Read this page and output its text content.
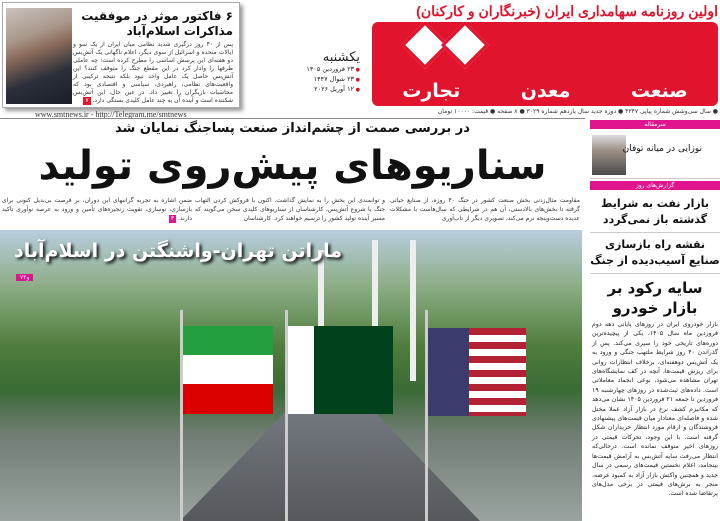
۶ فاکتور موثر در موفقیت مذاکرات اسلام‌آباد
پس از ۴۰ روز درگیری شدید نظامی میان ایران از یک سو و ایالات متحده و اسرائیل از سوی دیگر، اعلام ناگهانی یک آتش‌بس دو هفته‌ای این پرسش اساسی را مطرح کرده است: چه عاملی طرفها را وادار کرد در این مقطع جنگ را متوقف کنند؟ این آتش‌بس حاصل یک عامل واحد نبود بلکه نتیجه ترکیبی از واقعیت‌های نظامی، راهبردی، سیاسی و اقتصادی بود که محاسبات بازیگران را تغییر داد. در عین حال، این آتش‌بس شکننده است و آینده آن به چند عامل کلیدی بستگی دارد. ۷
یکشنبه
● ۲۳ فروردین ۱۴۰۵
● ۲۳ شوال ۱۴۴۷
● ۱۲ آوریل ۲۰۲۶
اولین روزنامه سهامداری ایران (خبرنگاران و کارکنان)
صنعت
معدن
تجارت
● سال سی‌وشش شماره پیاپی ۴۳۴۷ ● دوره جدید سال یازدهم شماره ۳۰۲۹ ● ۸ صفحه ● قیمت: ۱۰۰۰۰ تومان
www.smtnews.ir - http://Telegram.me/smtnews
در بررسی صمت از چشم‌انداز صنعت پساجنگ نمایان شد
سناریوهای پیش‌روی تولید
مقاومت مثال‌زدنی بخش صنعت کشور در جنگ ۴۰ روزه، از صنایع حیاتی گرفته تا بخش‌های بالادستی، آن هم در شرایطی که سال‌هاست با مشکلات عدیده دست‌وپنجه نرم می‌کند، تصویری دیگر از تاب‌آوری
و توانمندی این بخش را به نمایش گذاشت. اکنون با فروکش کردن التهاب جنگ با شروع آتش‌بس، کارشناسان از سناریوهای کلیدی سخن می‌گویند که مسیر آینده تولید کشور را ترسیم خواهند کرد. کارشناسان
ضمن اشاره به تجربه گرانبهای این دوران، بر فرصت بی‌بدیل کنونی برای بازسازی، نوسازی، تقویت زنجیره‌های تأمین و ورود به عرصه نوآوری تاکید دارند. ۳
ماراتن تهران-واشنگتن در اسلام‌آباد
۷و۲
سرمقاله
نوزایی در میانه توفان
گزارش‌های روز
بازار نفت به شرایط گذشته باز نمی‌گردد
نقشه راه بازسازی صنایع آسیب‌دیده از جنگ
سایه رکود بر بازار خودرو
بازار خودروی ایران در روزهای پایانی دهه دوم فروردین ماه سال ۱۴۰۵، یکی از پیچیده‌ترین دوره‌های تاریخی خود را سپری می‌کند. پس از گذراندن ۴۰ روز شرایط ملتهب جنگی و ورود به یک آتش‌بس دوهفته‌ای، برخلاف انتظارات روانی برای ریزش قیمت‌ها، آنچه در کف نمایشگاه‌های تهران مشاهده می‌شود، نوعی انجماد معاملاتی است. داده‌های ثبت‌شده در روزهای چهارشنبه ۱۹ فروردین تا جمعه ۲۱ فروردین ۱۴۰۵ نشان می‌دهد که مکانیزم کشف نرخ در بازار آزاد عملا مختل شده و فاصله‌ای معنادار میان قیمت‌های پیشنهادی فروشندگان و ارقام مورد انتظار خریداران شکل گرفته است. با این وجود، تحرکات قیمتی در روزهای اخیر متوقف نمانده است. درحالی‌که انتظار می‌رفت سایه آتش‌بس به آرامش قیمت‌ها بینجامد، اعلام نخستین قیمت‌های رسمی در سال جدید و همچنین واکنش بازار آزاد به کمبود عرضه، منجر به برش‌های قیمتی در برخی مدل‌های پرتقاضا شده است.
